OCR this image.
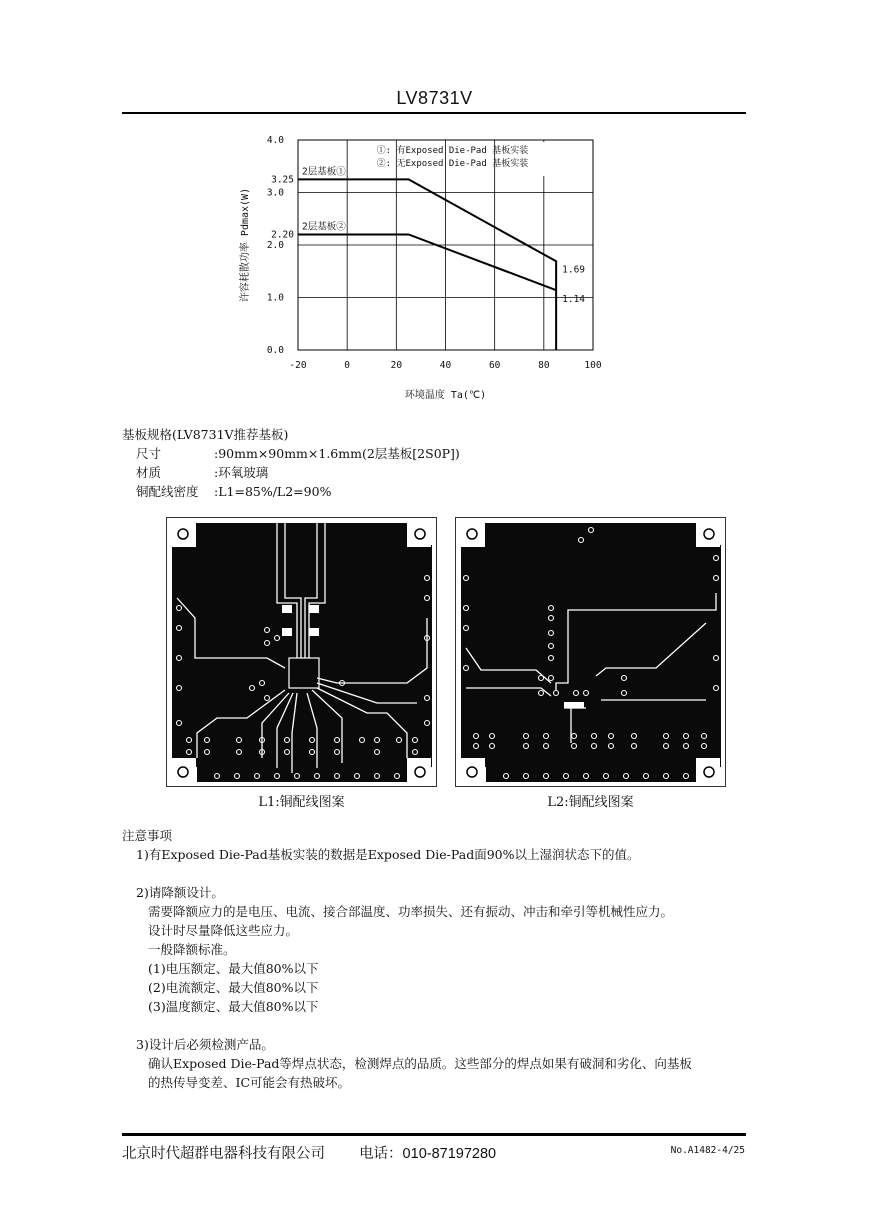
LV8731V
-20	0	20	40	60	80	100
0.0
1.0
2.0
3.0
4.0
3.25
2.20
环境温度 Ta(℃)
许容耗散功率 Pdmax(W)
2层基板①
2层基板②
1.69
1.14
①: 有Exposed Die-Pad 基板实装
②: 无Exposed Die-Pad 基板实装
基板规格(LV8731V推荐基板)
尺寸	:90mm×90mm×1.6mm(2层基板[2S0P])
材质	:环氧玻璃
铜配线密度	:L1=85%/L2=90%
L1:铜配线图案	L2:铜配线图案

注意事项

1)有Exposed Die-Pad基板实装的数据是Exposed Die-Pad面90%以上湿润状态下的值。

2)请降额设计。

需要降额应力的是电压、电流、接合部温度、功率损失、还有振动、冲击和牵引等机械性应力。

设计时尽量降低这些应力。

一般降额标准。

(1)电压额定、最大值80%以下

(2)电流额定、最大值80%以下

(3)温度额定、最大值80%以下

3)设计后必须检测产品。

确认Exposed Die-Pad等焊点状态，检测焊点的品质。这些部分的焊点如果有破洞和劣化、向基板

的热传导变差、IC可能会有热破坏。

北京时代超群电器科技有限公司 电话：010-87197280	No.A1482-4/25
